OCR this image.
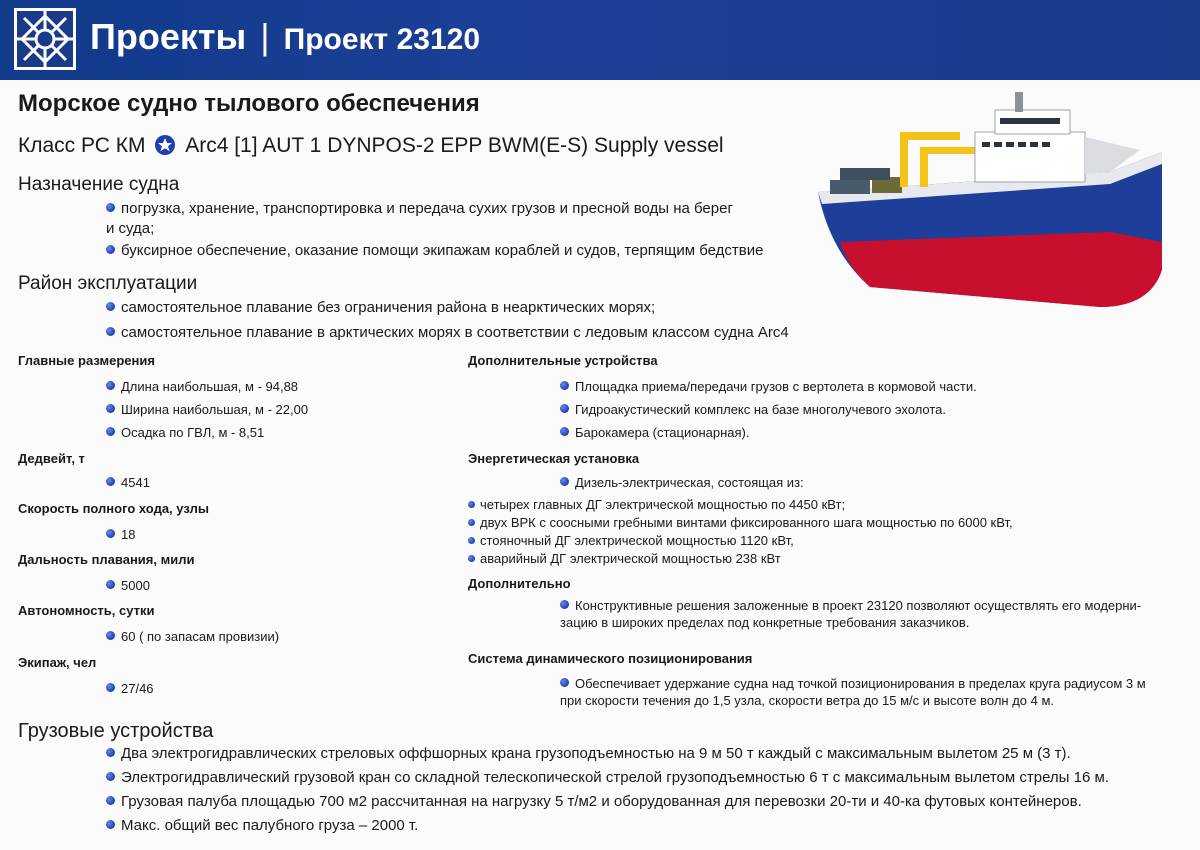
Проекты | Проект 23120
Морское судно тылового обеспечения
Класс РС КМ Arc4 [1] AUT 1 DYNPOS-2 EPP BWM(E-S) Supply vessel
Назначение судна
погрузка, хранение, транспортировка и передача сухих грузов и пресной воды на берег
и суда;
буксирное обеспечение, оказание помощи экипажам кораблей и судов, терпящим бедствие
Район эксплуатации
самостоятельное плавание без ограничения района в неарктических морях;
самостоятельное плавание в арктических морях в соответствии с ледовым классом судна Arc4
Главные размерения
Длина наибольшая, м - 94,88
Ширина наибольшая, м - 22,00
Осадка по ГВЛ, м - 8,51
Дедвейт, т
4541
Скорость полного хода, узлы
18
Дальность плавания, мили
5000
Автономность, сутки
60 ( по запасам провизии)
Экипаж, чел
27/46
Дополнительные устройства
Площадка приема/передачи грузов с вертолета в кормовой части.
Гидроакустический комплекс на базе многолучевого эхолота.
Барокамера (стационарная).
Энергетическая установка
Дизель-электрическая, состоящая из:
четырех главных ДГ электрической мощностью по 4450 кВт;
двух ВРК с соосными гребными винтами фиксированного шага мощностью по 6000 кВт,
стояночный ДГ электрической мощностью 1120 кВт,
аварийный ДГ электрической мощностью 238 кВт
Дополнительно
Конструктивные решения заложенные в проект 23120 позволяют осуществлять его модерни-
зацию в широких пределах под конкретные требования заказчиков.
Система динамического позиционирования
Обеспечивает удержание судна над точкой позиционирования в пределах круга радиусом 3 м
при скорости течения до 1,5 узла, скорости ветра до 15 м/с и высоте волн до 4 м.
Грузовые устройства
Два электрогидравлических стреловых оффшорных крана грузоподъемностью на 9 м 50 т каждый с максимальным вылетом 25 м (3 т).
Электрогидравлический грузовой кран со складной телескопической стрелой грузоподъемностью 6 т с максимальным вылетом стрелы 16 м.
Грузовая палуба площадью 700 м2 рассчитанная на нагрузку 5 т/м2 и оборудованная для перевозки 20-ти и 40-ка футовых контейнеров.
Макс. общий вес палубного груза – 2000 т.
